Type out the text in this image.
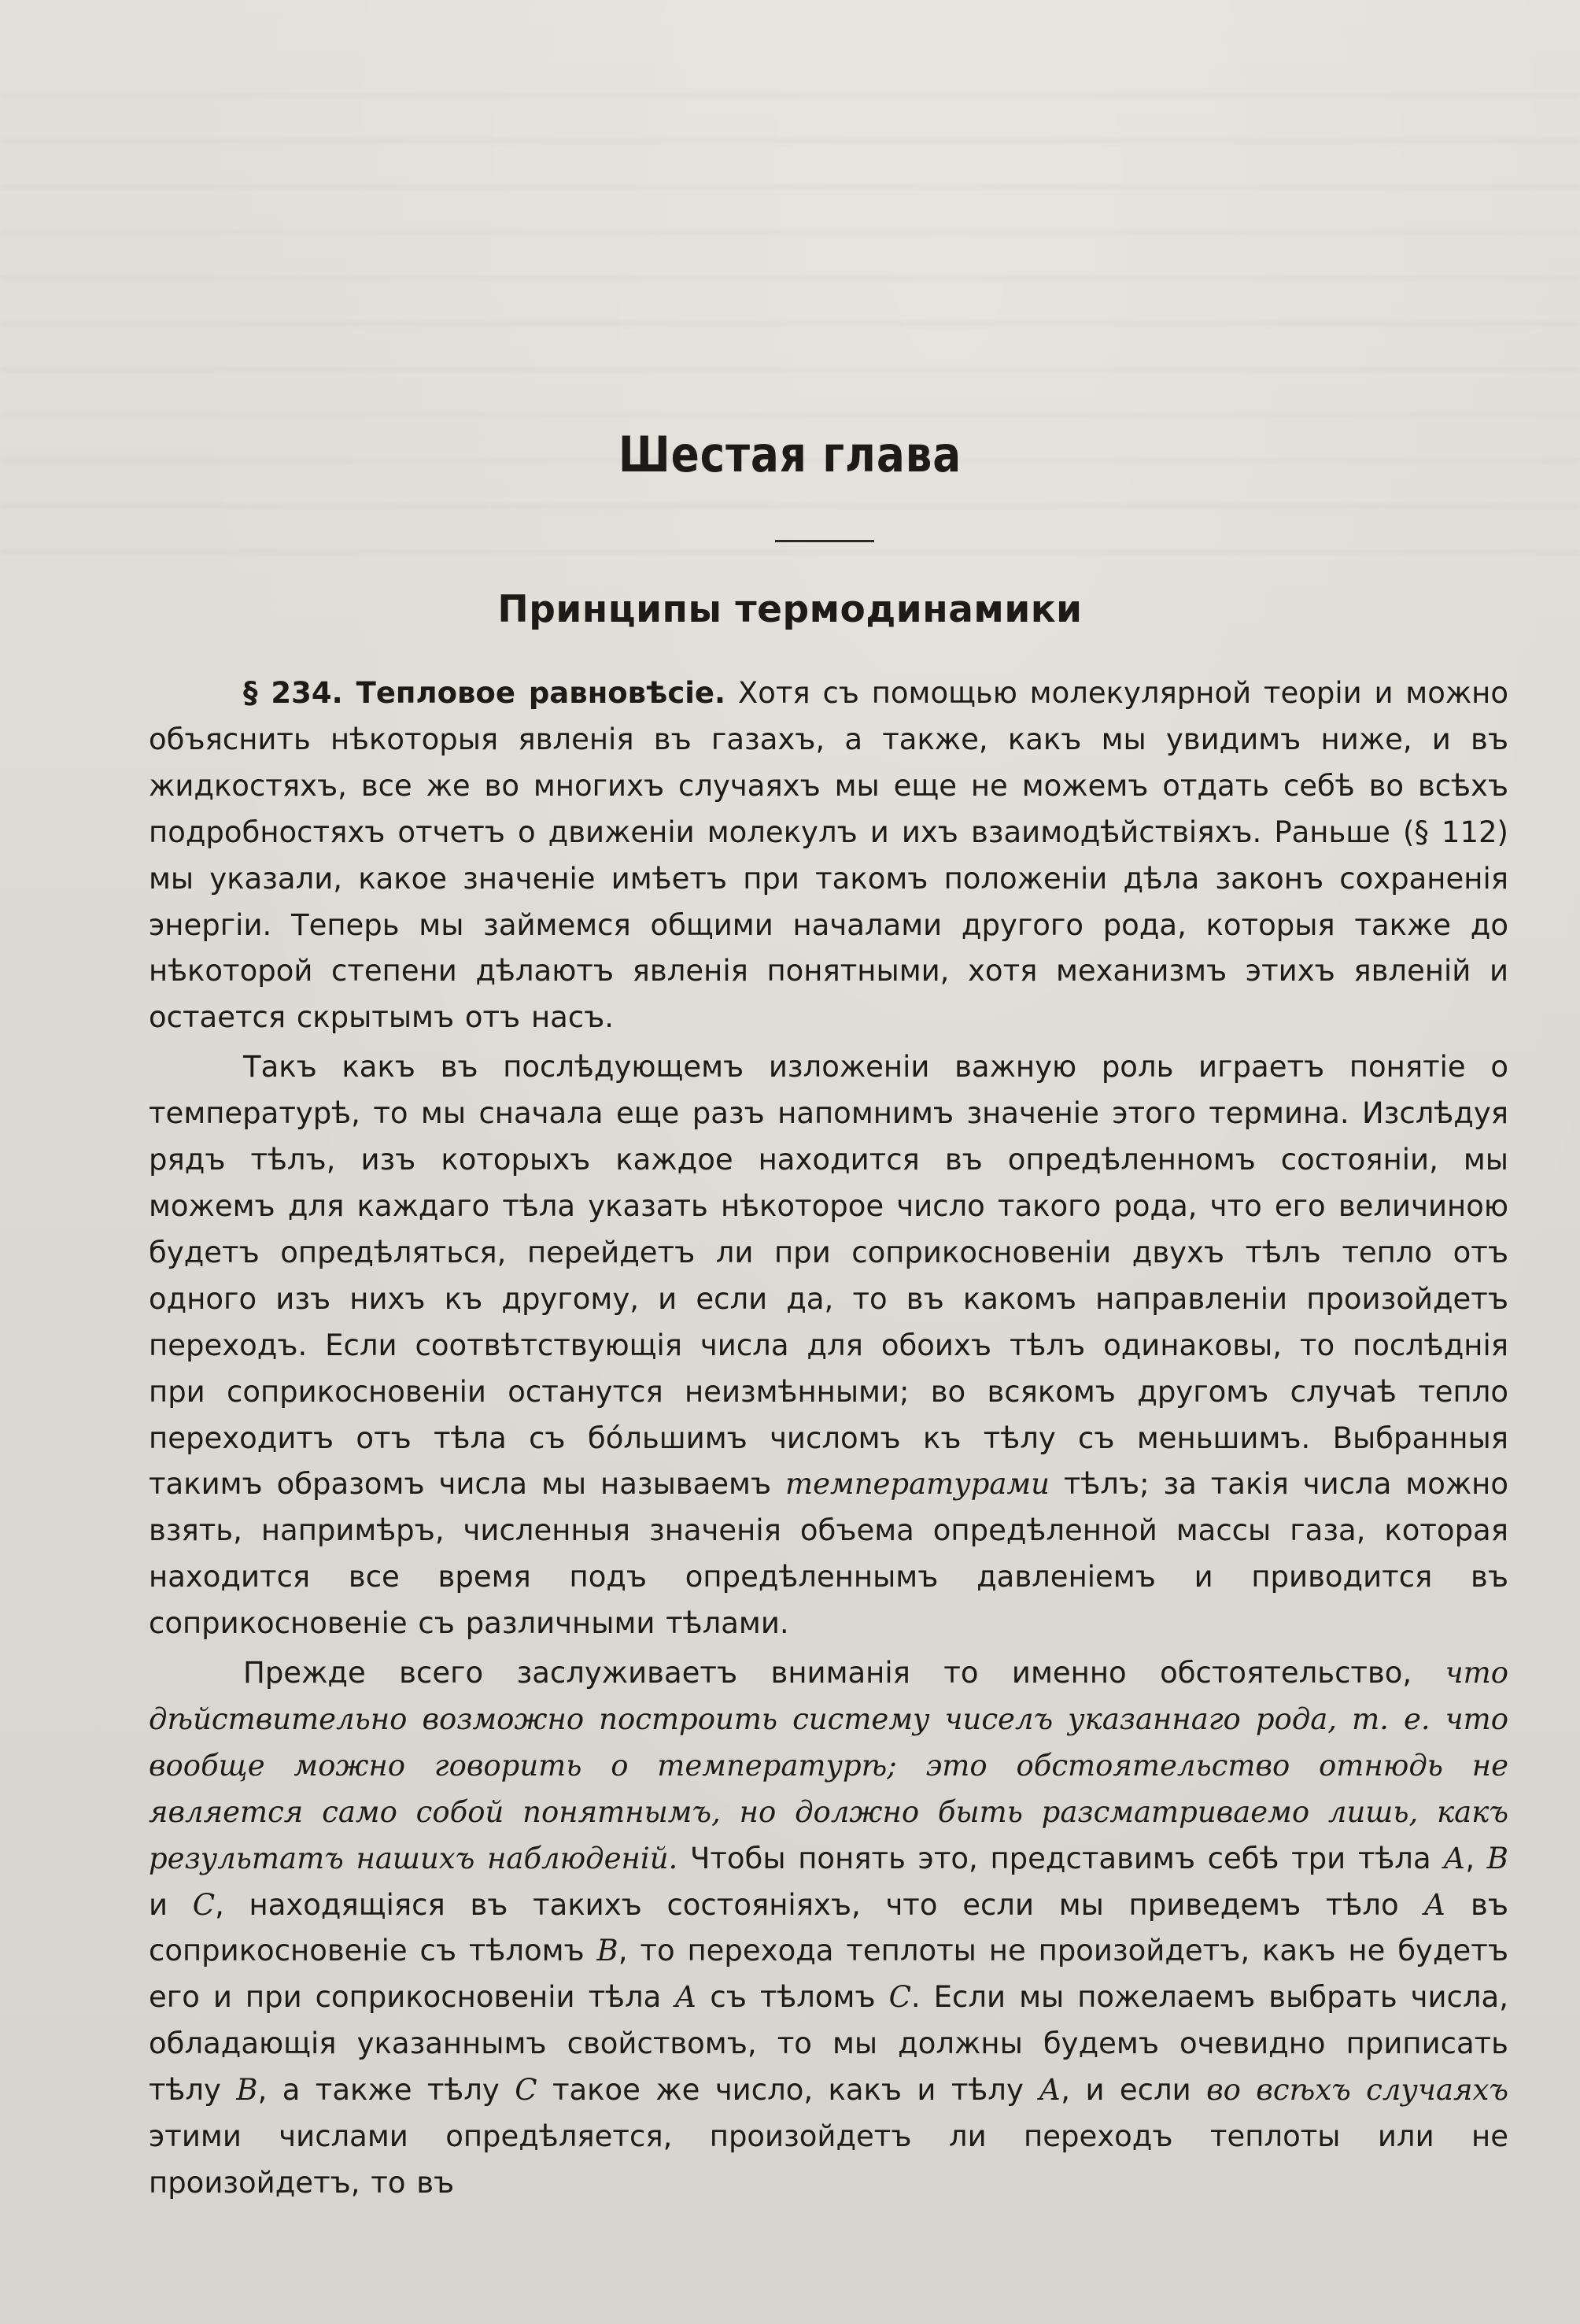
Шестая глава
Принципы термодинамики

§ 234. Тепловое равновѣсіе. Хотя съ помощью молекулярной теоріи и можно объяснить нѣкоторыя явленія въ газахъ, а также, какъ мы увидимъ ниже, и въ жидкостяхъ, все же во многихъ случаяхъ мы еще не можемъ отдать себѣ во всѣхъ подробностяхъ отчетъ о движеніи молекулъ и ихъ взаимодѣйствіяхъ. Раньше (§ 112) мы указали, какое значеніе имѣетъ при такомъ положеніи дѣла законъ сохраненія энергіи. Теперь мы займемся общими началами другого рода, которыя также до нѣкоторой степени дѣлаютъ явленія понятными, хотя механизмъ этихъ явленій и остается скрытымъ отъ насъ.

Такъ какъ въ послѣдующемъ изложеніи важную роль играетъ понятіе о температурѣ, то мы сначала еще разъ напомнимъ значеніе этого термина. Изслѣдуя рядъ тѣлъ, изъ которыхъ каждое находится въ опредѣленномъ состояніи, мы можемъ для каждаго тѣла указать нѣкоторое число такого рода, что его величиною будетъ опредѣляться, перейдетъ ли при соприкосновеніи двухъ тѣлъ тепло отъ одного изъ нихъ къ другому, и если да, то въ какомъ направленіи произойдетъ переходъ. Если соотвѣтствующія числа для обоихъ тѣлъ одинаковы, то послѣднія при соприкосновеніи останутся неизмѣнными; во всякомъ другомъ случаѣ тепло переходитъ отъ тѣла съ бо́льшимъ числомъ къ тѣлу съ меньшимъ. Выбранныя такимъ образомъ числа мы называемъ температурами тѣлъ; за такія числа можно взять, напримѣръ, численныя значенія объема опредѣленной массы газа, которая находится все время подъ опредѣленнымъ давленіемъ и приводится въ соприкосновеніе съ различными тѣлами.

Прежде всего заслуживаетъ вниманія то именно обстоятельство, что дѣйствительно возможно построить систему чиселъ указаннаго рода, т. е. что вообще можно говорить о температурѣ; это обстоятельство отнюдь не является само собой понятнымъ, но должно быть разсматриваемо лишь, какъ результатъ нашихъ наблюденій. Чтобы понять это, представимъ себѣ три тѣла А, В и С, находящіяся въ такихъ состояніяхъ, что если мы приведемъ тѣло А въ соприкосновеніе съ тѣломъ В, то перехода теплоты не произойдетъ, какъ не будетъ его и при соприкосновеніи тѣла А съ тѣломъ С. Если мы пожелаемъ выбрать числа, обладающія указаннымъ свойствомъ, то мы должны будемъ очевидно приписать тѣлу В, а также тѣлу С такое же число, какъ и тѣлу А, и если во всѣхъ случаяхъ этими числами опредѣляется, произойдетъ ли переходъ теплоты или не произойдетъ, то въ
